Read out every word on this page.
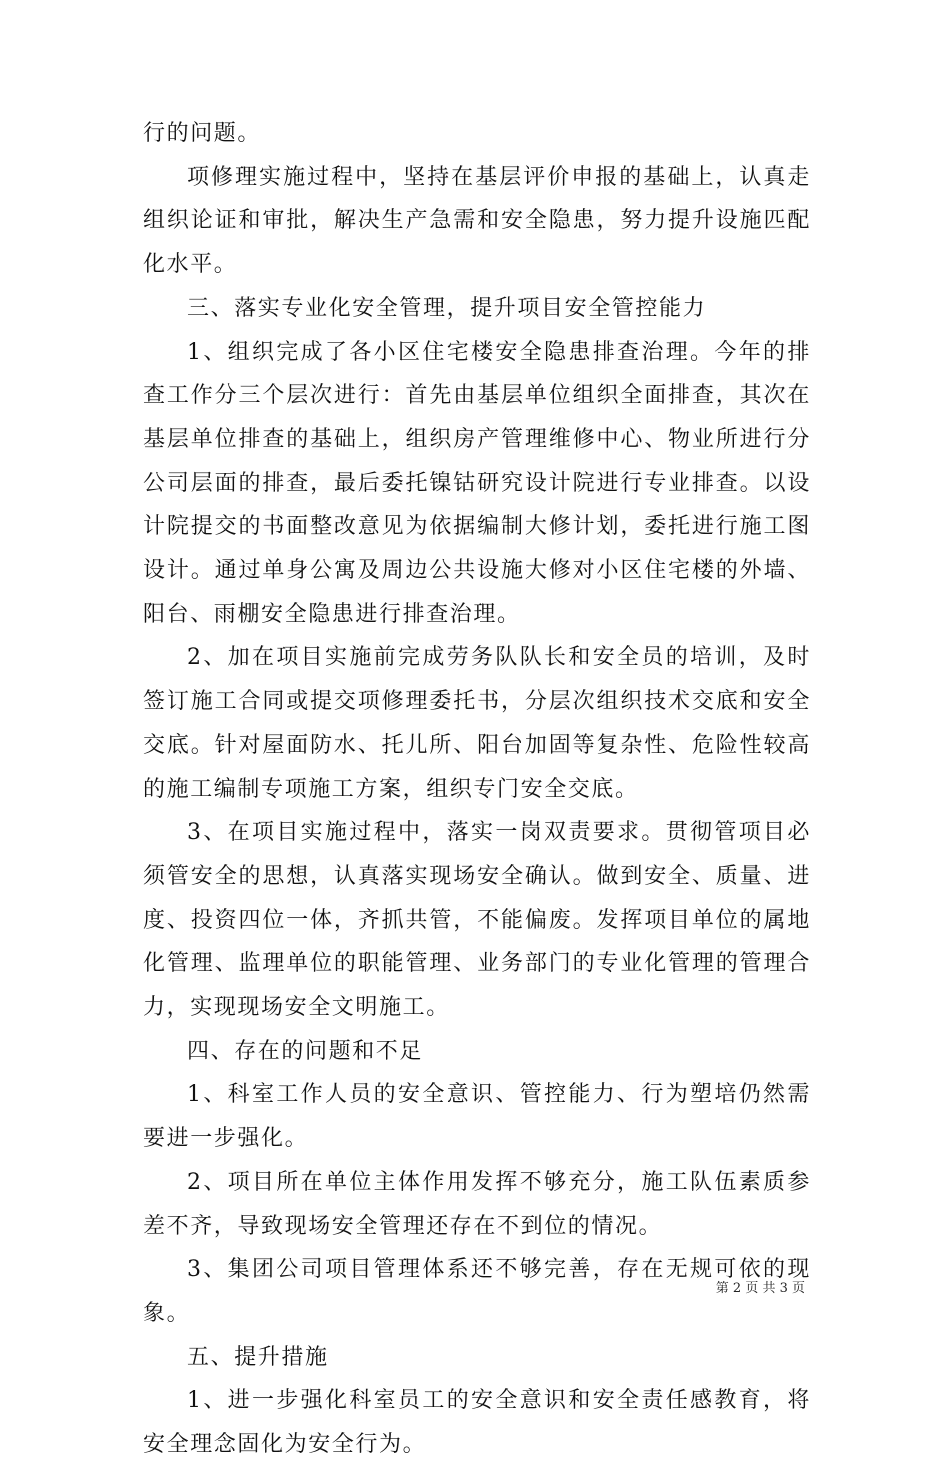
行的问题。

项修理实施过程中，坚持在基层评价申报的基础上，认真走组织论证和审批，解决生产急需和安全隐患，努力提升设施匹配化水平。

三、落实专业化安全管理，提升项目安全管控能力

1、组织完成了各小区住宅楼安全隐患排查治理。今年的排查工作分三个层次进行：首先由基层单位组织全面排查，其次在基层单位排查的基础上，组织房产管理维修中心、物业所进行分公司层面的排查，最后委托镍钴研究设计院进行专业排查。以设计院提交的书面整改意见为依据编制大修计划，委托进行施工图设计。通过单身公寓及周边公共设施大修对小区住宅楼的外墙、阳台、雨棚安全隐患进行排查治理。

2、加在项目实施前完成劳务队队长和安全员的培训，及时签订施工合同或提交项修理委托书，分层次组织技术交底和安全交底。针对屋面防水、托儿所、阳台加固等复杂性、危险性较高的施工编制专项施工方案，组织专门安全交底。

3、在项目实施过程中，落实一岗双责要求。贯彻管项目必须管安全的思想，认真落实现场安全确认。做到安全、质量、进度、投资四位一体，齐抓共管，不能偏废。发挥项目单位的属地化管理、监理单位的职能管理、业务部门的专业化管理的管理合力，实现现场安全文明施工。

四、存在的问题和不足

1、科室工作人员的安全意识、管控能力、行为塑培仍然需要进一步强化。

2、项目所在单位主体作用发挥不够充分，施工队伍素质参差不齐，导致现场安全管理还存在不到位的情况。

3、集团公司项目管理体系还不够完善，存在无规可依的现象。

五、提升措施

1、进一步强化科室员工的安全意识和安全责任感教育，将安全理念固化为安全行为。

第 2 页 共 3 页
